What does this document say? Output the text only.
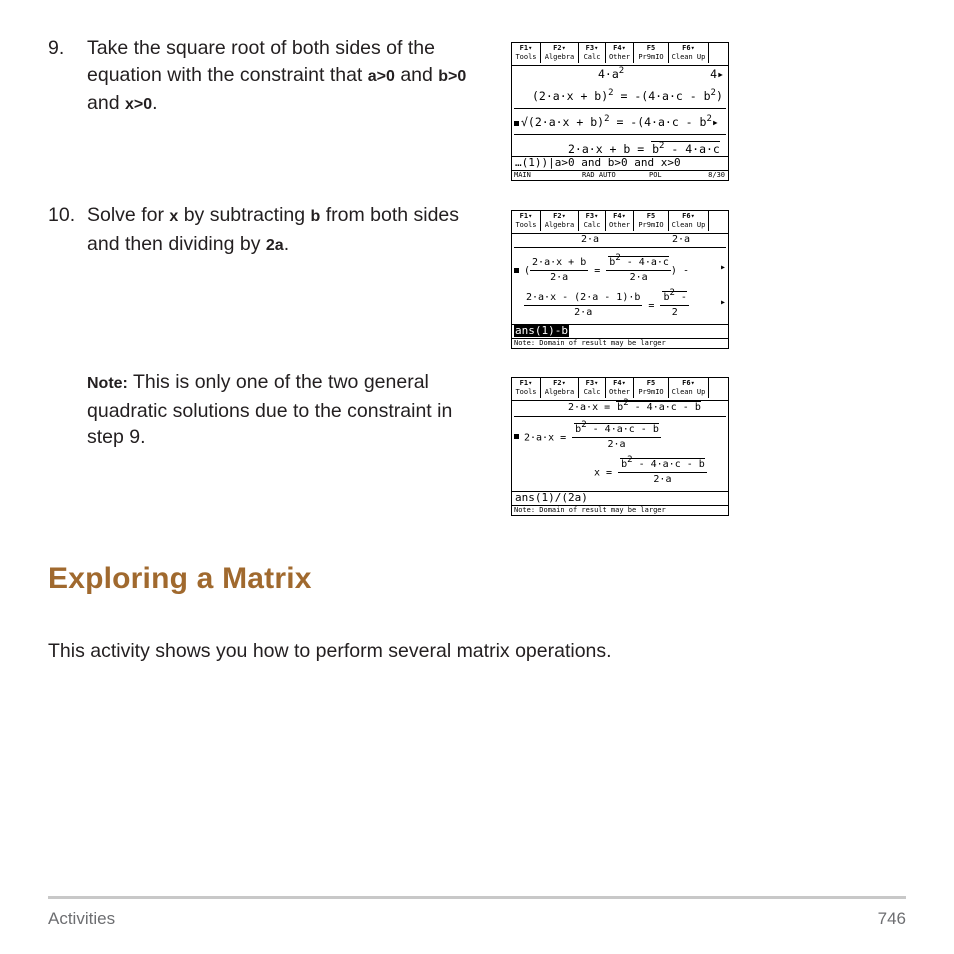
9. Take the square root of both sides of the equation with the constraint that a>0 and b>0 and x>0.
10. Solve for x by subtracting b from both sides and then dividing by 2a.
Note: This is only one of the two general quadratic solutions due to the constraint in step 9.
F1▾
Tools
F2▾
Algebra
F3▾
Calc
F4▾
Other
F5
Pr9mIO
F6▾
Clean Up
$4\cdot a^2$	4▸
$(2\cdot a\cdot x + b)^2 = -(4\cdot a\cdot c - b^2)$
$√(2\cdot a\cdot x + b)^2 = -(4\cdot a\cdot c$ - $b^2▸$
$2\cdot a\cdot x + b = b^2 - 4\cdot a\cdot c$
…(1))|a>0 and b>0 and x>0
MAIN	RAD AUTO	POL	8/30
F1▾
Tools
F2▾
Algebra
F3▾
Calc
F4▾
Other
F5
Pr9mIO
F6▾
Clean Up
2·a	2·a
( $\frac{2\cdot a\cdot x + b}{2\cdot a} = \frac{b2 - 4\cdot a\cdot c}{2\cdot a}$ ) -	▸
$\frac{2\cdot a\cdot x - (2\cdot a - 1)\cdot b}{2\cdot a} = \frac{b2 -}{2}$	▸
ans(1)-b
Note: Domain of result may be larger
F1▾
Tools
F2▾
Algebra
F3▾
Calc
F4▾
Other
F5
Pr9mIO
F6▾
Clean Up
2·a·x = b2 - 4·a·c - b
$2\cdot a\cdot x = \frac{b2 - 4\cdot a\cdot c - b}{2\cdot a}$
$x = \frac{b2 - 4\cdot a\cdot c - b}{2\cdot a}$
ans(1)/(2a)
Note: Domain of result may be larger
Exploring a Matrix
This activity shows you how to perform several matrix operations.
Activities	746
